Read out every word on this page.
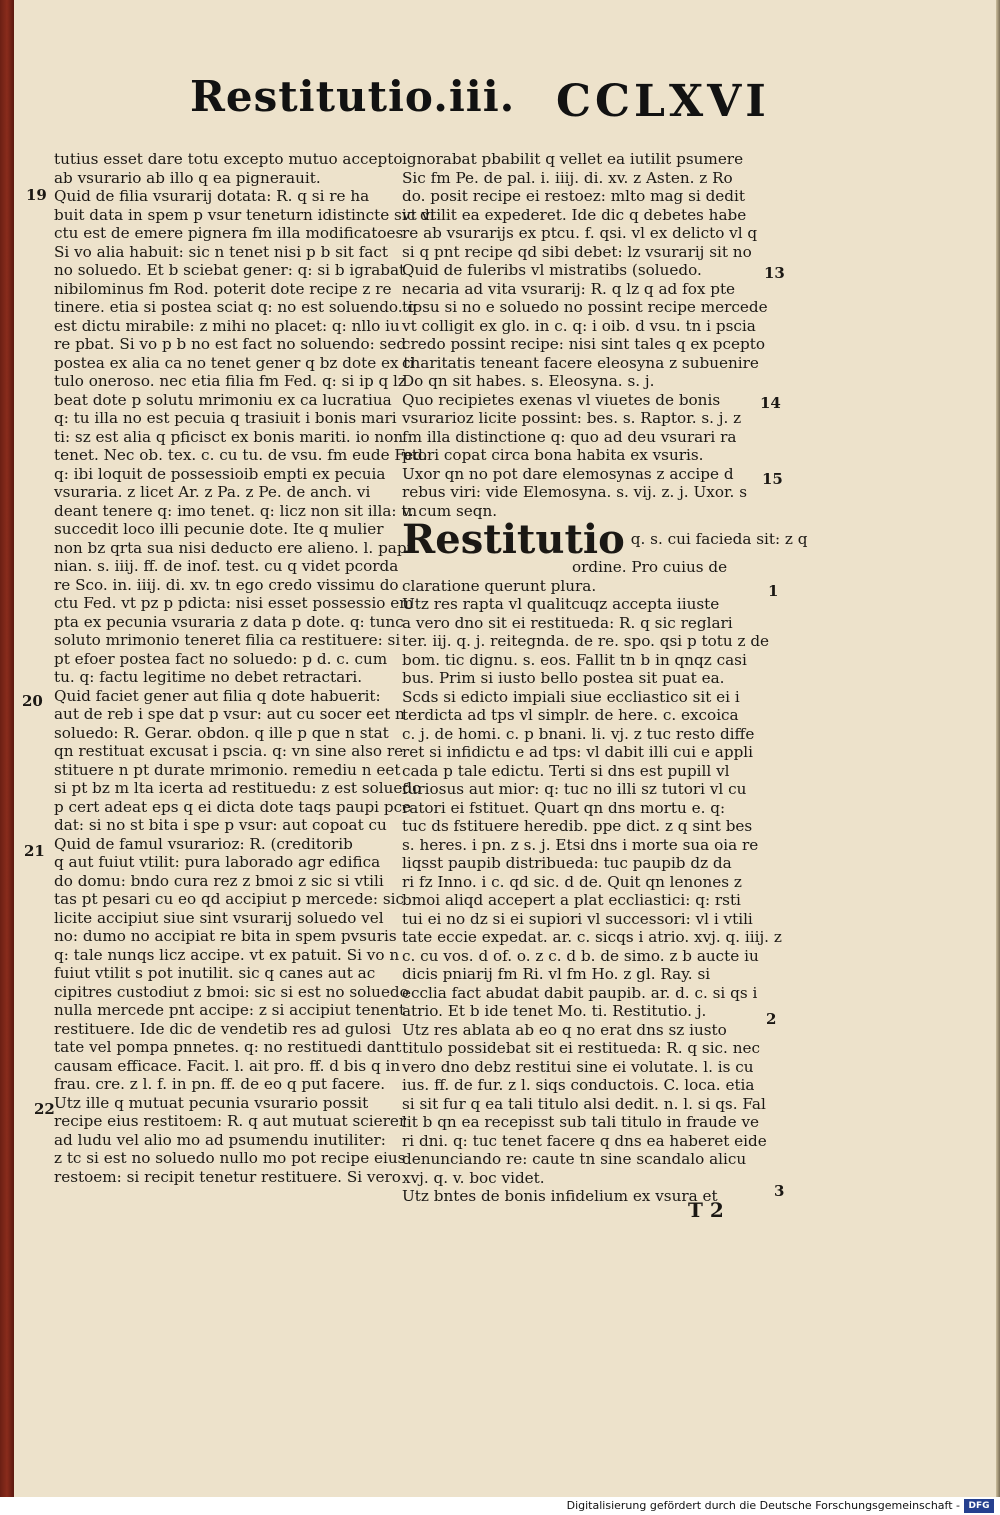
Restitutio.iii. CCLXVI
19
20
21
22
13
14
15
1
2
3
tutius esset dare totu excepto mutuo accepto
ab vsurario ab illo q ea pignerauit.
Quid de filia vsurarij dotata: R. q si re ha
buit data in spem p vsur teneturn idistincte sic di
ctu est de emere pignera fm illa modificatoes
Si vo alia habuit: sic n tenet nisi p b sit fact
no soluedo. Et b sciebat gener: q: si b igrabat
nibilominus fm Rod. poterit dote recipe z re
tinere. etia si postea sciat q: no est soluendo. q
est dictu mirabile: z mihi no placet: q: nllo iu
re pbat. Si vo p b no est fact no soluendo: sed
postea ex alia ca no tenet gener q bz dote ex ti
tulo oneroso. nec etia filia fm Fed. q: si ip q lz
beat dote p solutu mrimoniu ex ca lucratiua
q: tu illa no est pecuia q trasiuit i bonis mari
ti: sz est alia q pficisct ex bonis mariti. io non
tenet. Nec ob. tex. c. cu tu. de vsu. fm eude Fed.
q: ibi loquit de possessioib empti ex pecuia
vsuraria. z licet Ar. z Pa. z Pe. de anch. vi
deant tenere q: imo tenet. q: licz non sit illa: tn
succedit loco illi pecunie dote. Ite q mulier
non bz qrta sua nisi deducto ere alieno. l. papi
nian. s. iiij. ff. de inof. test. cu q videt pcorda
re Sco. in. iiij. di. xv. tn ego credo vissimu do
ctu Fed. vt pz p pdicta: nisi esset possessio em
pta ex pecunia vsuraria z data p dote. q: tunc
soluto mrimonio teneret filia ca restituere: si
pt efoer postea fact no soluedo: p d. c. cum
tu. q: factu legitime no debet retractari.
Quid faciet gener aut filia q dote habuerit:
aut de reb i spe dat p vsur: aut cu socer eet n
soluedo: R. Gerar. obdon. q ille p que n stat
qn restituat excusat i pscia. q: vn sine also re
stituere n pt durate mrimonio. remediu n eet
si pt bz m lta icerta ad restituedu: z est soluedo
p cert adeat eps q ei dicta dote taqs paupi pce
dat: si no st bita i spe p vsur: aut copoat cu
Quid de famul vsurarioz: R. (creditorib
q aut fuiut vtilit: pura laborado agr edifica
do domu: bndo cura rez z bmoi z sic si vtili
tas pt pesari cu eo qd accipiut p mercede: sic
licite accipiut siue sint vsurarij soluedo vel
no: dumo no accipiat re bita in spem pvsuris
q: tale nunqs licz accipe. vt ex patuit. Si vo n
fuiut vtilit s pot inutilit. sic q canes aut ac
cipitres custodiut z bmoi: sic si est no soluedo
nulla mercede pnt accipe: z si accipiut tenent
restituere. Ide dic de vendetib res ad gulosi
tate vel pompa pnnetes. q: no restituedi dant
causam efficace. Facit. l. ait pro. ff. d bis q in
frau. cre. z l. f. in pn. ff. de eo q put facere.
Utz ille q mutuat pecunia vsurario possit
recipe eius restitoem: R. q aut mutuat scierer
ad ludu vel alio mo ad psumendu inutiliter:
z tc si est no soluedo nullo mo pot recipe eius
restoem: si recipit tenetur restituere. Si vero
ignorabat pbabilit q vellet ea iutilit psumere
Sic fm Pe. de pal. i. iiij. di. xv. z Asten. z Ro
do. posit recipe ei restoez: mlto mag si dedit
vt vtilit ea expederet. Ide dic q debetes habe
re ab vsurarijs ex ptcu. f. qsi. vl ex delicto vl q
si q pnt recipe qd sibi debet: lz vsurarij sit no
Quid de fuleribs vl mistratibs (soluedo.
necaria ad vita vsurarij: R. q lz q ad fox pte
tiosu si no e soluedo no possint recipe mercede
vt colligit ex glo. in c. q: i oib. d vsu. tn i pscia
credo possint recipe: nisi sint tales q ex pcepto
charitatis teneant facere eleosyna z subuenire
Do qn sit habes. s. Eleosyna. s. j.
Quo recipietes exenas vl viuetes de bonis
vsurarioz licite possint: bes. s. Raptor. s. j. z
fm illa distinctione q: quo ad deu vsurari ra
ptori copat circa bona habita ex vsuris.
Uxor qn no pot dare elemosynas z accipe d
rebus viri: vide Elemosyna. s. vij. z. j. Uxor. s
v. cum seqn.
Restitutio q. s. cui facieda sit: z q
ordine. Pro cuius de
claratione querunt plura.
Utz res rapta vl qualitcuqz accepta iiuste
a vero dno sit ei restitueda: R. q sic reglari
ter. iij. q. j. reitegnda. de re. spo. qsi p totu z de
bom. tic dignu. s. eos. Fallit tn b in qnqz casi
bus. Prim si iusto bello postea sit puat ea.
Scds si edicto impiali siue eccliastico sit ei i
terdicta ad tps vl simplr. de here. c. excoica
c. j. de homi. c. p bnani. li. vj. z tuc resto diffe
ret si infidictu e ad tps: vl dabit illi cui e appli
cada p tale edictu. Terti si dns est pupill vl
furiosus aut mior: q: tuc no illi sz tutori vl cu
ratori ei fstituet. Quart qn dns mortu e. q:
tuc ds fstituere heredib. ppe dict. z q sint bes
s. heres. i pn. z s. j. Etsi dns i morte sua oia re
liqsst paupib distribueda: tuc paupib dz da
ri fz Inno. i c. qd sic. d de. Quit qn lenones z
bmoi aliqd accepert a plat eccliastici: q: rsti
tui ei no dz si ei supiori vl successori: vl i vtili
tate eccie expedat. ar. c. sicqs i atrio. xvj. q. iiij. z
c. cu vos. d of. o. z c. d b. de simo. z b aucte iu
dicis pniarij fm Ri. vl fm Ho. z gl. Ray. si
ecclia fact abudat dabit paupib. ar. d. c. si qs i
atrio. Et b ide tenet Mo. ti. Restitutio. j.
Utz res ablata ab eo q no erat dns sz iusto
titulo possidebat sit ei restitueda: R. q sic. nec
vero dno debz restitui sine ei volutate. l. is cu
ius. ff. de fur. z l. siqs conductois. C. loca. etia
si sit fur q ea tali titulo alsi dedit. n. l. si qs. Fal
lit b qn ea recepisst sub tali titulo in fraude ve
ri dni. q: tuc tenet facere q dns ea haberet eide
denunciando re: caute tn sine scandalo alicu
xvj. q. v. boc videt.
Utz bntes de bonis infidelium ex vsura et
T 2
Digitalisierung gefördert durch die Deutsche Forschungsgemeinschaft - DFG
